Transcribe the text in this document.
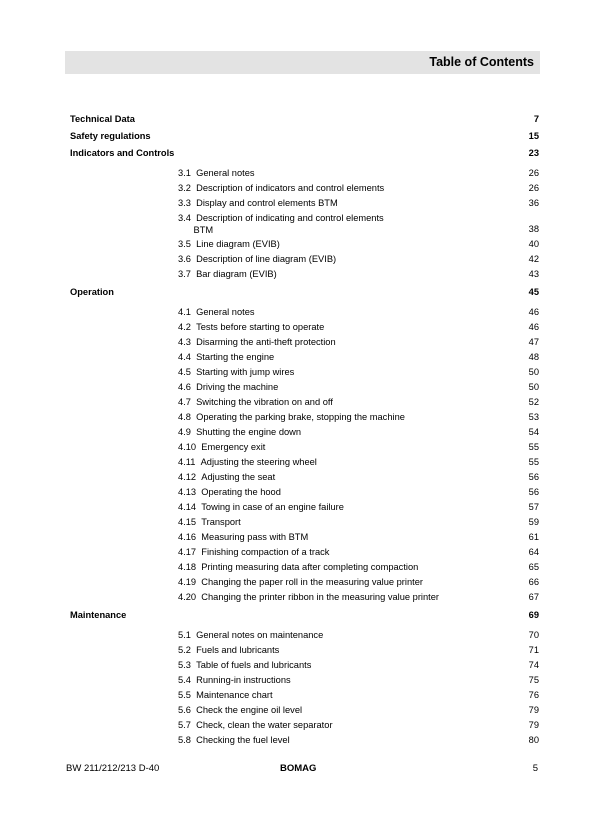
Table of Contents
Technical Data	7
Safety regulations	15
Indicators and Controls	23
3.1 General notes	26
3.2 Description of indicators and control elements	26
3.3 Display and control elements BTM	36
3.4 Description of indicating and control elements
BTM	38
3.5 Line diagram (EVIB)	40
3.6 Description of line diagram (EVIB)	42
3.7 Bar diagram (EVIB)	43
Operation	45
4.1 General notes	46
4.2 Tests before starting to operate	46
4.3 Disarming the anti-theft protection	47
4.4 Starting the engine	48
4.5 Starting with jump wires	50
4.6 Driving the machine	50
4.7 Switching the vibration on and off	52
4.8 Operating the parking brake, stopping the machine	53
4.9 Shutting the engine down	54
4.10 Emergency exit	55
4.11 Adjusting the steering wheel	55
4.12 Adjusting the seat	56
4.13 Operating the hood	56
4.14 Towing in case of an engine failure	57
4.15 Transport	59
4.16 Measuring pass with BTM	61
4.17 Finishing compaction of a track	64
4.18 Printing measuring data after completing compaction	65
4.19 Changing the paper roll in the measuring value printer	66
4.20 Changing the printer ribbon in the measuring value printer	67
Maintenance	69
5.1 General notes on maintenance	70
5.2 Fuels and lubricants	71
5.3 Table of fuels and lubricants	74
5.4 Running-in instructions	75
5.5 Maintenance chart	76
5.6 Check the engine oil level	79
5.7 Check, clean the water separator	79
5.8 Checking the fuel level	80
BW 211/212/213 D-40	BOMAG	5
